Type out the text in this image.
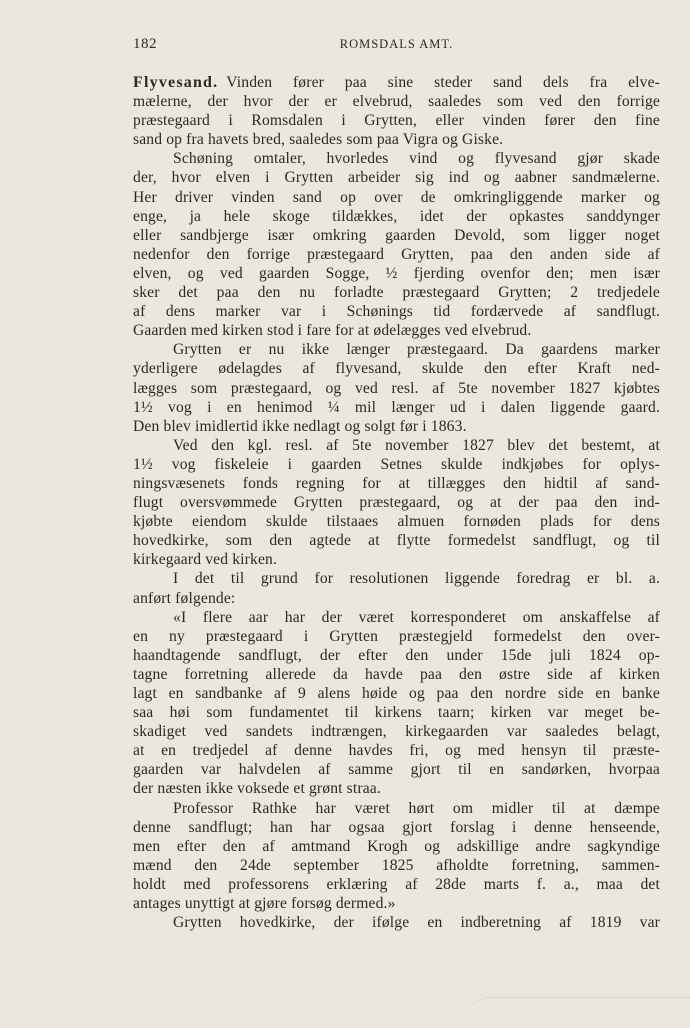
182	ROMSDALS AMT.
Flyvesand.  Vinden fører paa sine steder sand dels fra elve-
mælerne, der hvor der er elvebrud, saaledes som ved den forrige
præstegaard i Romsdalen i Grytten, eller vinden fører den fine
sand op fra havets bred, saaledes som paa Vigra og Giske.
Schøning omtaler, hvorledes vind og flyvesand gjør skade
der, hvor elven i Grytten arbeider sig ind og aabner sandmælerne.
Her driver vinden sand op over de omkringliggende marker og
enge, ja hele skoge tildækkes, idet der opkastes sanddynger
eller sandbjerge især omkring gaarden Devold, som ligger noget
nedenfor den forrige præstegaard Grytten, paa den anden side af
elven, og ved gaarden Sogge, ½ fjerding ovenfor den; men især
sker det paa den nu forladte præstegaard Grytten; 2 tredjedele
af dens marker var i Schønings tid fordærvede af sandflugt.
Gaarden med kirken stod i fare for at ødelægges ved elvebrud.
Grytten er nu ikke længer præstegaard. Da gaardens marker
yderligere ødelagdes af flyvesand, skulde den efter Kraft ned-
lægges som præstegaard, og ved resl. af 5te november 1827 kjøbtes
1½ vog i en henimod ¼ mil længer ud i dalen liggende gaard.
Den blev imidlertid ikke nedlagt og solgt før i 1863.
Ved den kgl. resl. af 5te november 1827 blev det bestemt, at
1½ vog fiskeleie i gaarden Setnes skulde indkjøbes for oplys-
ningsvæsenets fonds regning for at tillægges den hidtil af sand-
flugt oversvømmede Grytten præstegaard, og at der paa den ind-
kjøbte eiendom skulde tilstaaes almuen fornøden plads for dens
hovedkirke, som den agtede at flytte formedelst sandflugt, og til
kirkegaard ved kirken.
I det til grund for resolutionen liggende foredrag er bl. a.
anført følgende:
«I flere aar har der været korresponderet om anskaffelse af
en ny præstegaard i Grytten præstegjeld formedelst den over-
haandtagende sandflugt, der efter den under 15de juli 1824 op-
tagne forretning allerede da havde paa den østre side af kirken
lagt en sandbanke af 9 alens høide og paa den nordre side en banke
saa høi som fundamentet til kirkens taarn; kirken var meget be-
skadiget ved sandets indtrængen, kirkegaarden var saaledes belagt,
at en tredjedel af denne havdes fri, og med hensyn til præste-
gaarden var halvdelen af samme gjort til en sandørken, hvorpaa
der næsten ikke voksede et grønt straa.
Professor Rathke har været hørt om midler til at dæmpe
denne sandflugt; han har ogsaa gjort forslag i denne henseende,
men efter den af amtmand Krogh og adskillige andre sagkyndige
mænd den 24de september 1825 afholdte forretning, sammen-
holdt med professorens erklæring af 28de marts f. a., maa det
antages unyttigt at gjøre forsøg dermed.»
Grytten hovedkirke, der ifølge en indberetning af 1819 var
